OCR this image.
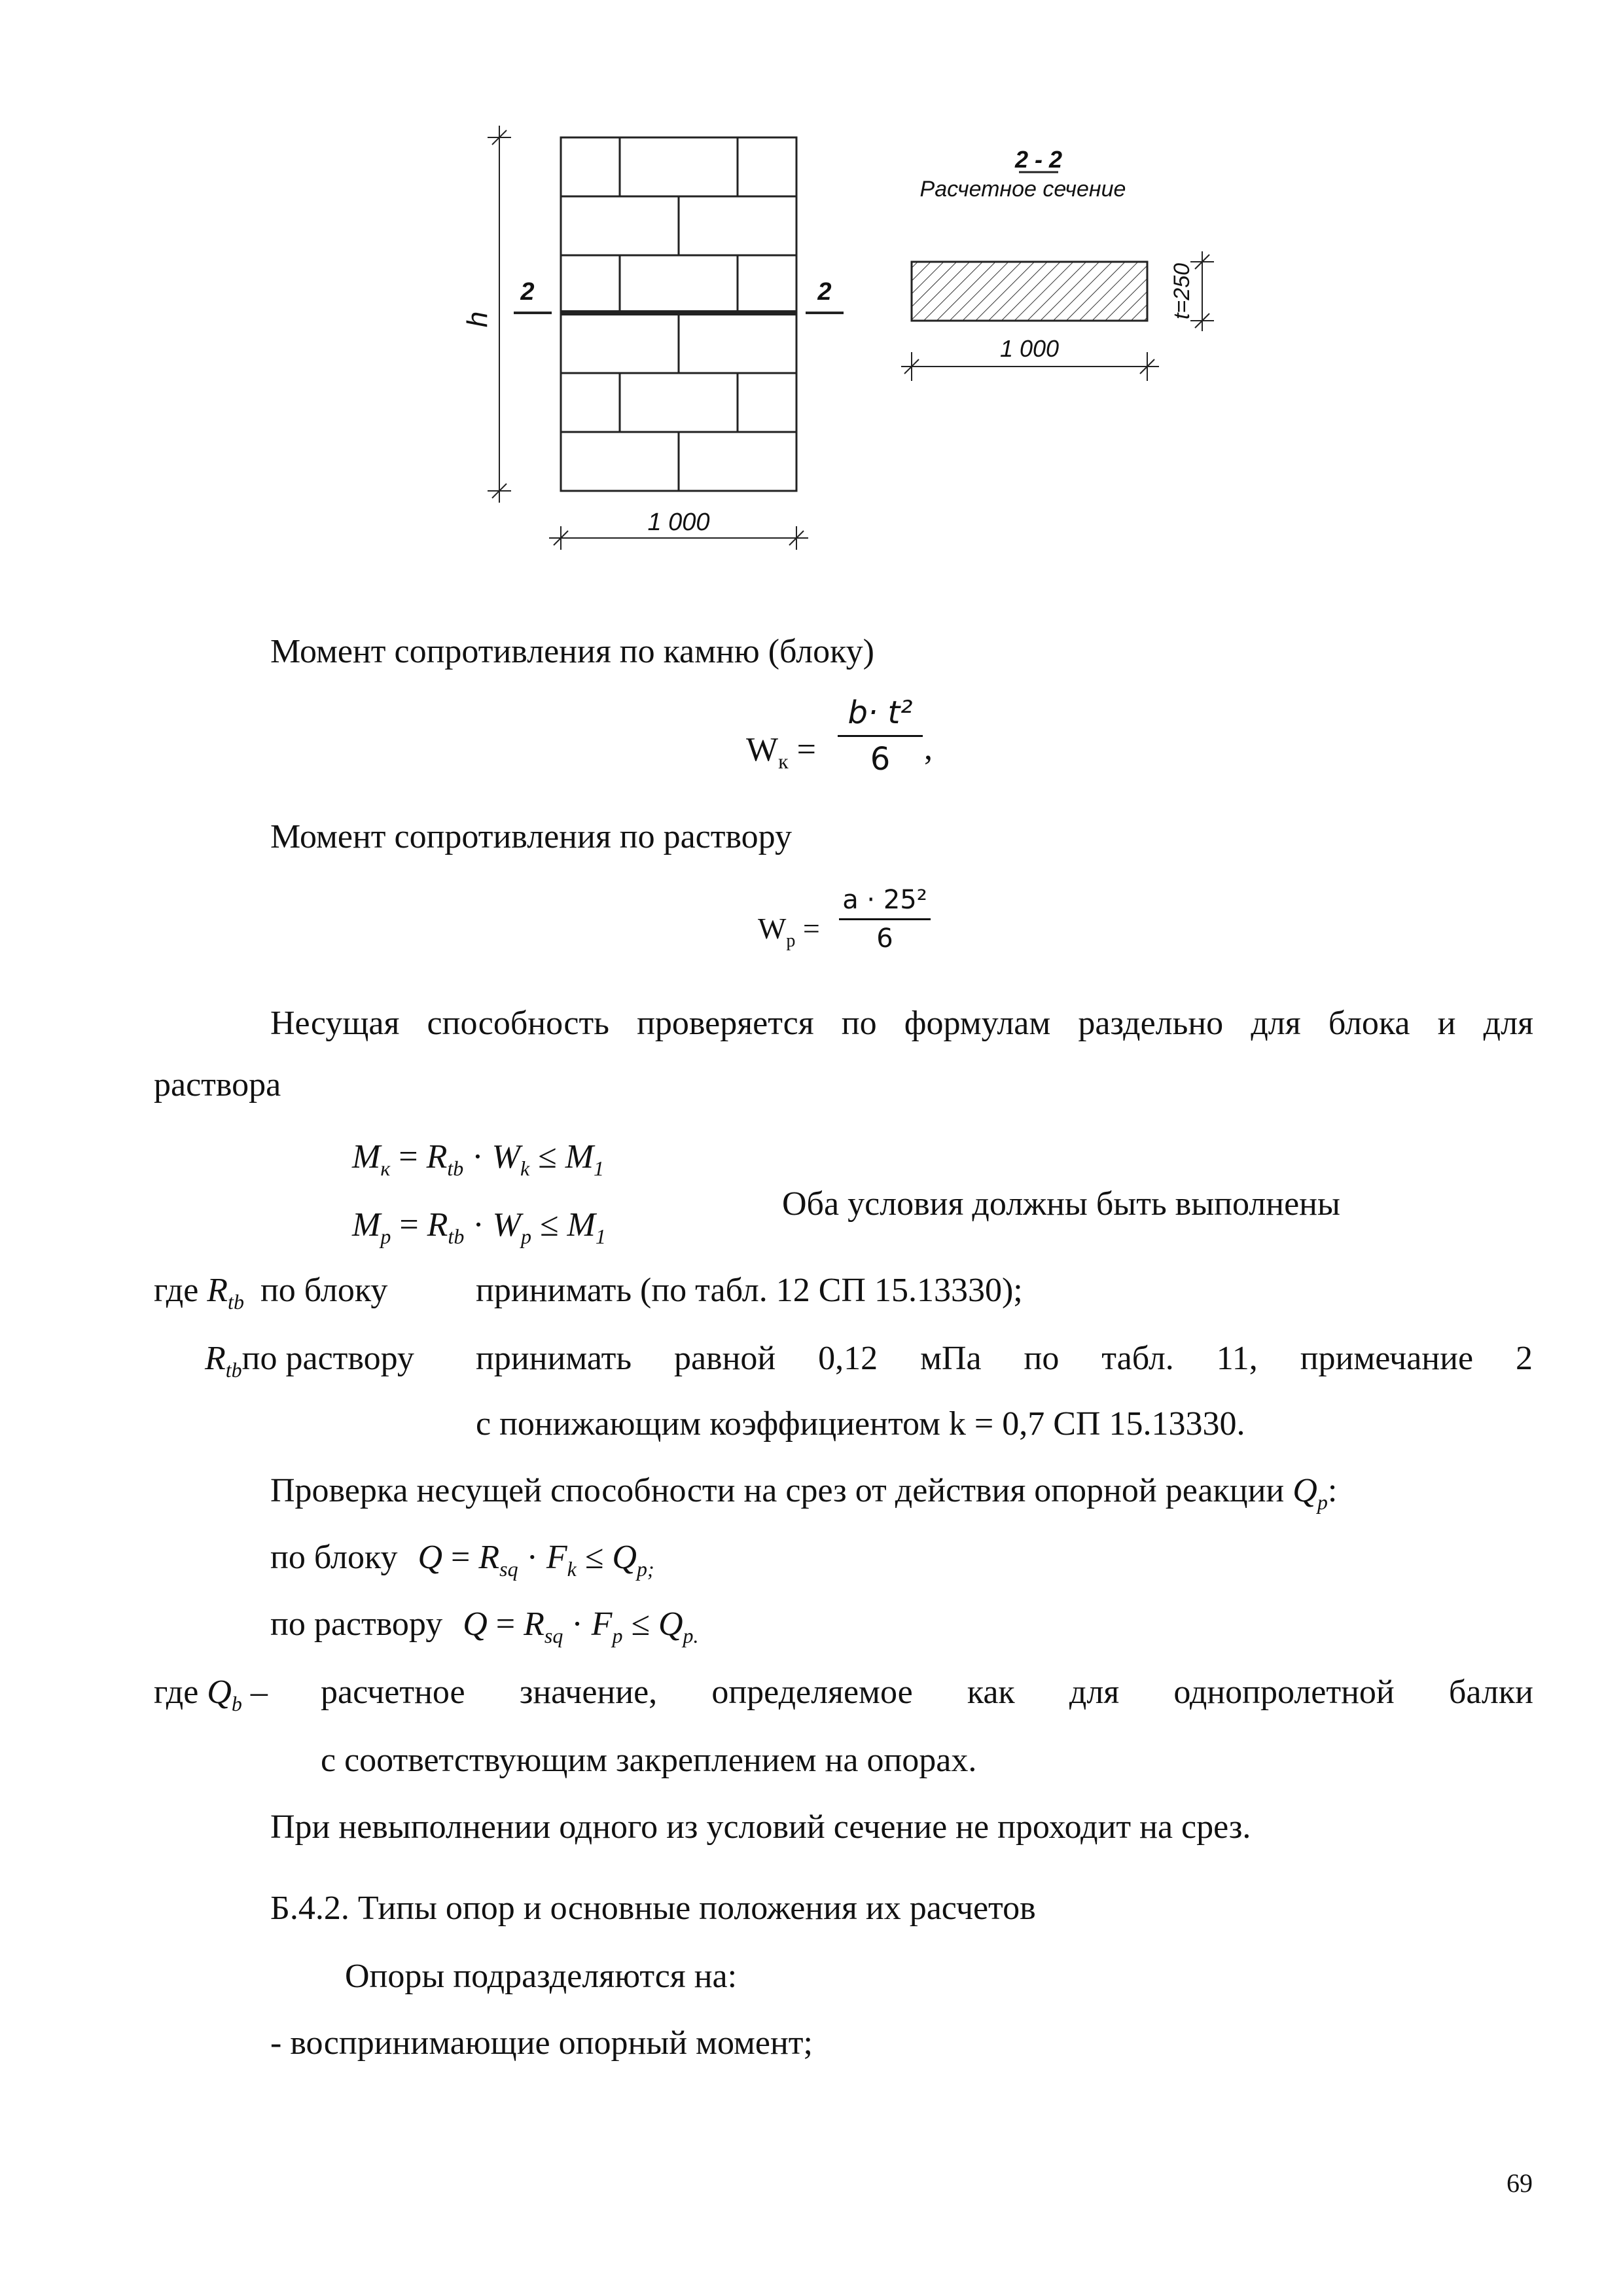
h
2	2
1 000
2 - 2
Расчетное сечение
1 000
t=250
Момент сопротивления по камню (блоку)
$W_к$ =
b· t²
6 ,
Момент сопротивления по раствору
$W_р$ =
a · 25²
6
Несущая способность проверяется по формулам раздельно для блока и для
раствора
$M_к = R_{tb} \cdot W_k \le M_1$
$M_p = R_{tb} \cdot W_p \le M_1$
Оба условия должны быть выполнены
где $R_{tb}$ по блоку	принимать (по табл. 12 СП 15.13330);
$R_{tb}по$ раствору принимать равной 0,12 мПа по табл. 11, примечание 2
с понижающим коэффициентом k = 0,7 СП 15.13330.
Проверка несущей способности на срез от действия опорной реакции $Q_p$:
по блоку $Q = R_{sq} \cdot F_k \le Q_{p;}$
по раствору $Q = R_{sq} \cdot F_p \le Q_{p.}$
где $Q_b$ – расчетное значение, определяемое как для однопролетной балки
с соответствующим закреплением на опорах.
При невыполнении одного из условий сечение не проходит на срез.
Б.4.2. Типы опор и основные положения их расчетов
Опоры подразделяются на:
- воспринимающие опорный момент;
69
